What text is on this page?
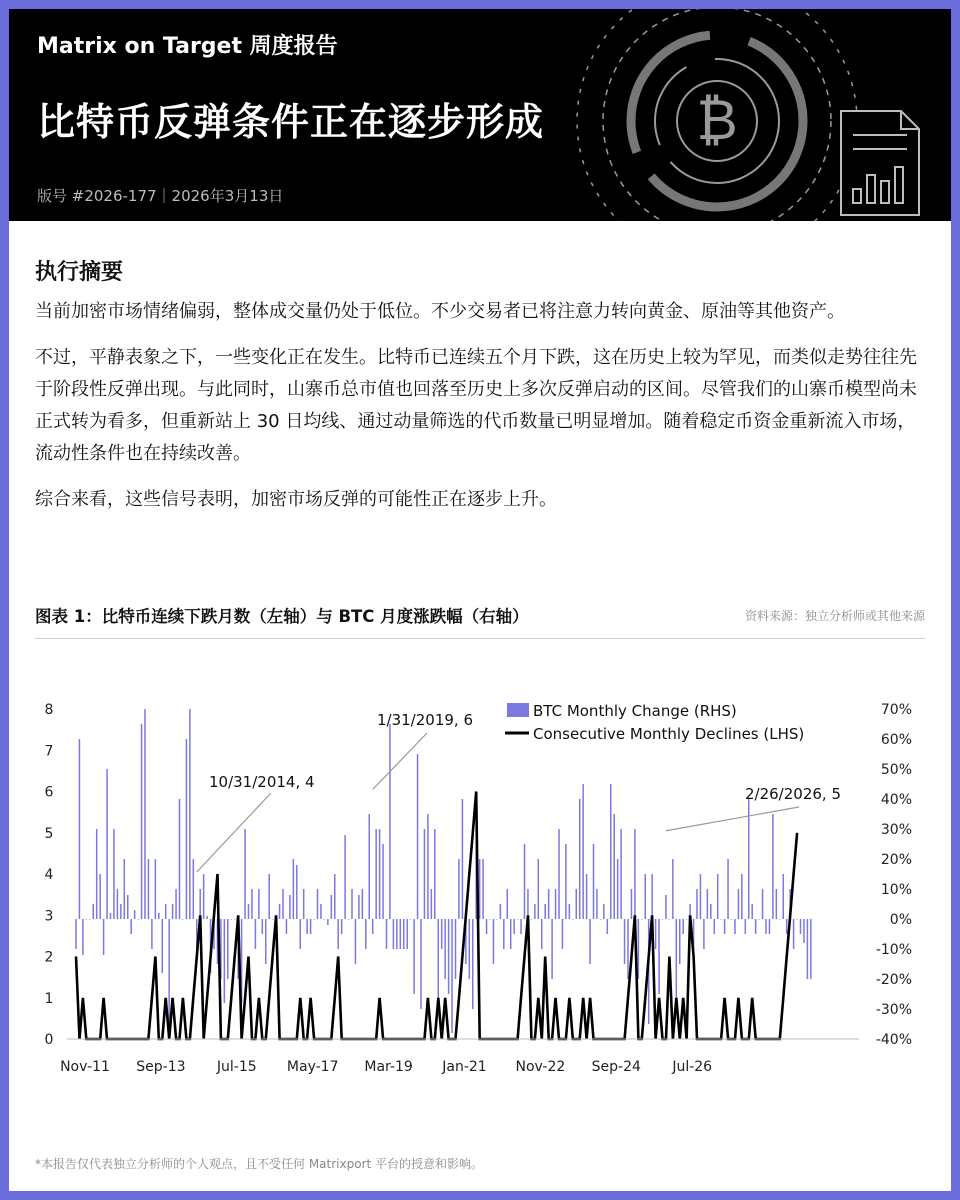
Matrix on Target 周度报告
比特币反弹条件正在逐步形成
版号 #2026-177｜2026年3月13日
₿
执行摘要

当前加密市场情绪偏弱，整体成交量仍处于低位。不少交易者已将注意力转向黄金、原油等其他资产。

不过，平静表象之下，一些变化正在发生。比特币已连续五个月下跌，这在历史上较为罕见，而类似走势往往先于阶段性反弹出现。与此同时，山寨币总市值也回落至历史上多次反弹启动的区间。尽管我们的山寨币模型尚未正式转为看多，但重新站上 30 日均线、通过动量筛选的代币数量已明显增加。随着稳定币资金重新流入市场，流动性条件也在持续改善。

综合来看，这些信号表明，加密市场反弹的可能性正在逐步上升。

图表 1：比特币连续下跌月数（左轴）与 BTC 月度涨跌幅（右轴）	资料来源：独立分析师或其他来源
0
1
2
3
4
5
6
7
8
-40%
-30%
-20%
-10%
0%
10%
20%
30%
40%
50%
60%
70%
Nov-11 Sep-13 Jul-15 May-17 Mar-19 Jan-21 Nov-22 Sep-24 Jul-26
10/31/2014, 4
1/31/2019, 6
2/26/2026, 5
BTC Monthly Change (RHS)
Consecutive Monthly Declines (LHS)
*本报告仅代表独立分析师的个人观点，且不受任何 Matrixport 平台的授意和影响。
